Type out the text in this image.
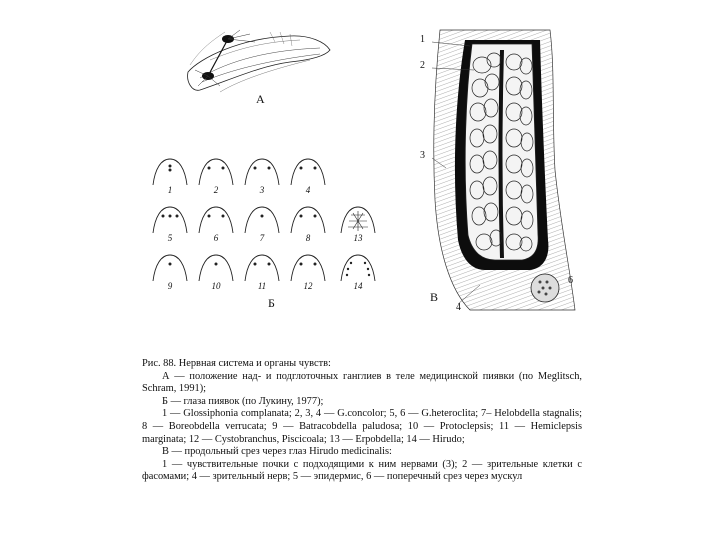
А
1	2	3	4
5	6	7	8
9	10	11	12
13
14
Б
1
2
3
4
6
В

Рис. 88. Нервная система и органы чувств:

А — положение над- и подглоточных ганглиев в теле медицинской пиявки (по Meglitsch, Schram, 1991);

Б — глаза пиявок (по Лукину, 1977);

1 — Glossiphonia complanata; 2, 3, 4 — G.concolor; 5, 6 — G.heteroclita; 7– Helobdella stagnalis; 8 — Boreobdella verrucata; 9 — Batracobdella paludosa; 10 — Protoclepsis; 11 — Hemiclepsis marginata; 12 — Cystobranchus, Piscicoala; 13 — Erpobdella; 14 — Hirudo;

В — продольный срез через глаз Hirudo medicinalis:

1 — чувствительные почки с подходящими к ним нервами (3); 2 — зрительные клетки с фасомами; 4 — зрительный нерв; 5 — эпидермис, 6 — поперечный срез через мускул
